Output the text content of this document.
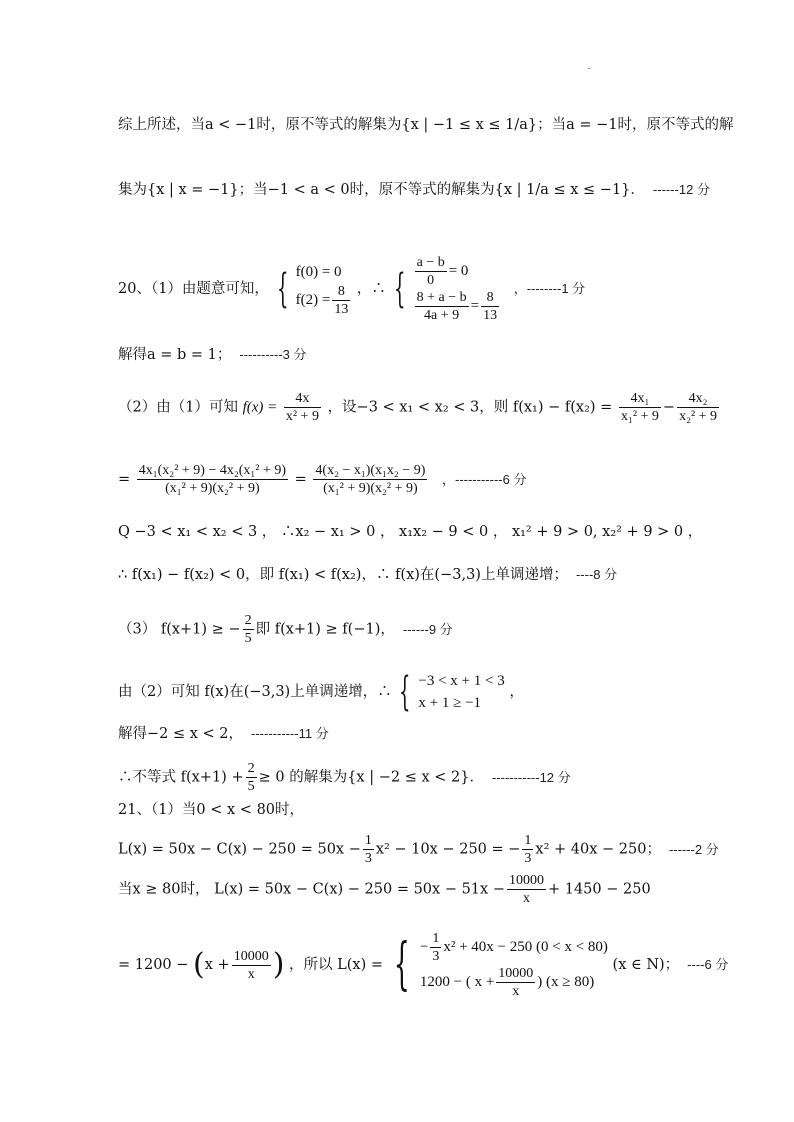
综上所述，当a < −1时，原不等式的解集为{x | −1 ≤ x ≤ 1/a}；当a = −1时，原不等式的解
集为{x | x = −1}；当−1 < a < 0时，原不等式的解集为{x | 1/a ≤ x ≤ −1}． ------12 分
20、（1）由题意可知， { f(0) = 0
$f(2) = \frac{8}{13}$ ，∴ { $\frac{a - b}{0} = 0$
$\frac{8 + a - b}{4a + 9} = \frac{8}{13}$
，--------1 分
解得a = b = 1； ----------3 分
（2）由（1）可知 $f(x) = \frac{4x}{\text{x² + 9}}$ ，设−3 < x₁ < x₂ < 3，则 $f(x_1) - f(x_2) = \frac{\text{4x₁}}{\text{x₁² + 9}} - \frac{\text{4x₂}}{\text{x₂² + 9}}$
= $\frac{\text{4x₁(x₂² + 9) − 4x₂(x₁² + 9)}}{\text{(x₁² + 9)(x₂² + 9)}} = \frac{\text{4(x₂ − x₁)(x₁x₂ − 9)}}{\text{(x₁² + 9)(x₂² + 9)}}$ ，-----------6 分
Q −3 < x₁ < x₂ < 3 ， ∴x₂ − x₁ > 0 ， x₁x₂ − 9 < 0 ， x₁² + 9 > 0, x₂² + 9 > 0 ，
∴ f(x₁) − f(x₂) < 0，即 f(x₁) < f(x₂)，∴ f(x)在(−3,3)上单调递增； ----8 分
（3） f(x+1) ≥ − $\frac{2}{5}$ 即 f(x+1) ≥ f(−1)， ------9 分
由（2）可知 f(x)在(−3,3)上单调递增，∴ { −3 < x + 1 < 3
x + 1 ≥ −1
，
解得−2 ≤ x < 2， -----------11 分
∴不等式 $f(x+1) + \frac{2}{5} \ge 0$ 的解集为{x | −2 ≤ x < 2}． -----------12 分
21、（1）当0 < x < 80时，
$L(x) = 50x - C(x) - 250 = 50x - \frac{1}{3} x^2 - 10x - 250$ = − $\frac{1}{3} x^2 + 40x - 250$； ------2 分
当x ≥ 80时， $L(x) = 50x - C(x) - 250 = 50x - 51x - \frac{10000}{x} + 1450 - 250$
= $1200 - (x + \frac{10000}{x}$ ) ，所以 L(x) = { − $\frac{1}{3} x^2 + 40x - 250$ (0 < x < 80)
1200 − ( $x + \frac{10000}{x}$ ) (x ≥ 80)
(x ∈ N)； ----6 分
